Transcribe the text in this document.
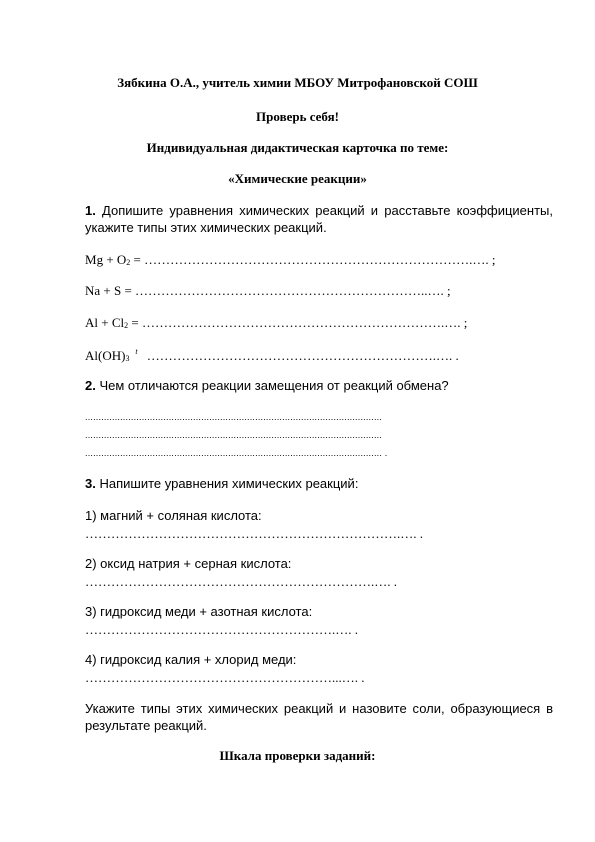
Зябкина О.А., учитель химии МБОУ Митрофановской СОШ
Проверь себя!
Индивидуальная дидактическая карточка по теме:
«Химические реакции»
1. Допишите уравнения химических реакций и расставьте коэффициенты, укажите типы этих химических реакций.
Mg + O2 = ………………………………………………………………….…. ;
Na + S = …………………………………………………………..…. ;
Al + Cl2 = …………………………………………………………….…. ;
Al(OH)3$^t$ ………………………………………………………….…. .
2. Чем отличаются реакции замещения от реакций обмена?
..............................................................................................................
..............................................................................................................
.............................................................................................................. .
3. Напишите уравнения химических реакций:
1) магний + соляная кислота:
……………………………………………………………….…. .
2) оксид натрия + серная кислота:
………………………………………………………….…. .
3) гидроксид меди + азотная кислота:
………………………………………………….…. .
4) гидроксид калия + хлорид меди:
…………………………………………………...…. .
Укажите типы этих химических реакций и назовите соли, образующиеся в результате реакций.
Шкала проверки заданий:
